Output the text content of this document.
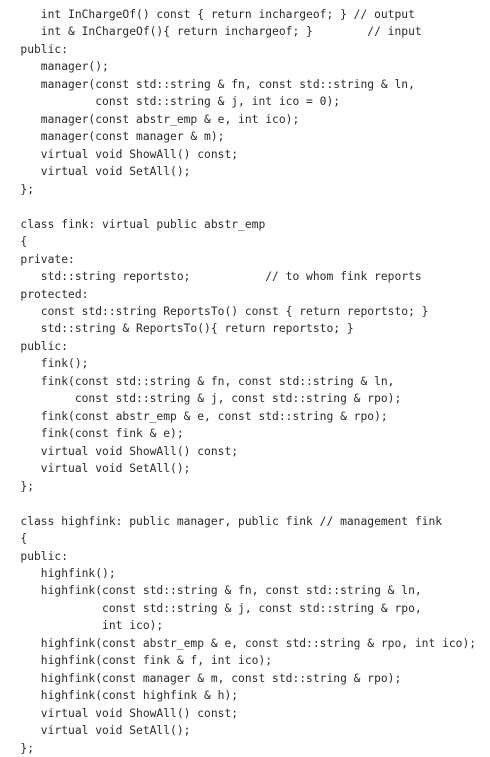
int InChargeOf() const { return inchargeof; } // output
int & InChargeOf(){ return inchargeof; }        // input
public:
manager();
manager(const std::string & fn, const std::string & ln,
const std::string & j, int ico = 0);
manager(const abstr_emp & e, int ico);
manager(const manager & m);
virtual void ShowAll() const;
virtual void SetAll();
};
class fink: virtual public abstr_emp
{
private:
std::string reportsto;           // to whom fink reports
protected:
const std::string ReportsTo() const { return reportsto; }
std::string & ReportsTo(){ return reportsto; }
public:
fink();
fink(const std::string & fn, const std::string & ln,
const std::string & j, const std::string & rpo);
fink(const abstr_emp & e, const std::string & rpo);
fink(const fink & e);
virtual void ShowAll() const;
virtual void SetAll();
};
class highfink: public manager, public fink // management fink
{
public:
highfink();
highfink(const std::string & fn, const std::string & ln,
const std::string & j, const std::string & rpo,
int ico);
highfink(const abstr_emp & e, const std::string & rpo, int ico);
highfink(const fink & f, int ico);
highfink(const manager & m, const std::string & rpo);
highfink(const highfink & h);
virtual void ShowAll() const;
virtual void SetAll();
};
